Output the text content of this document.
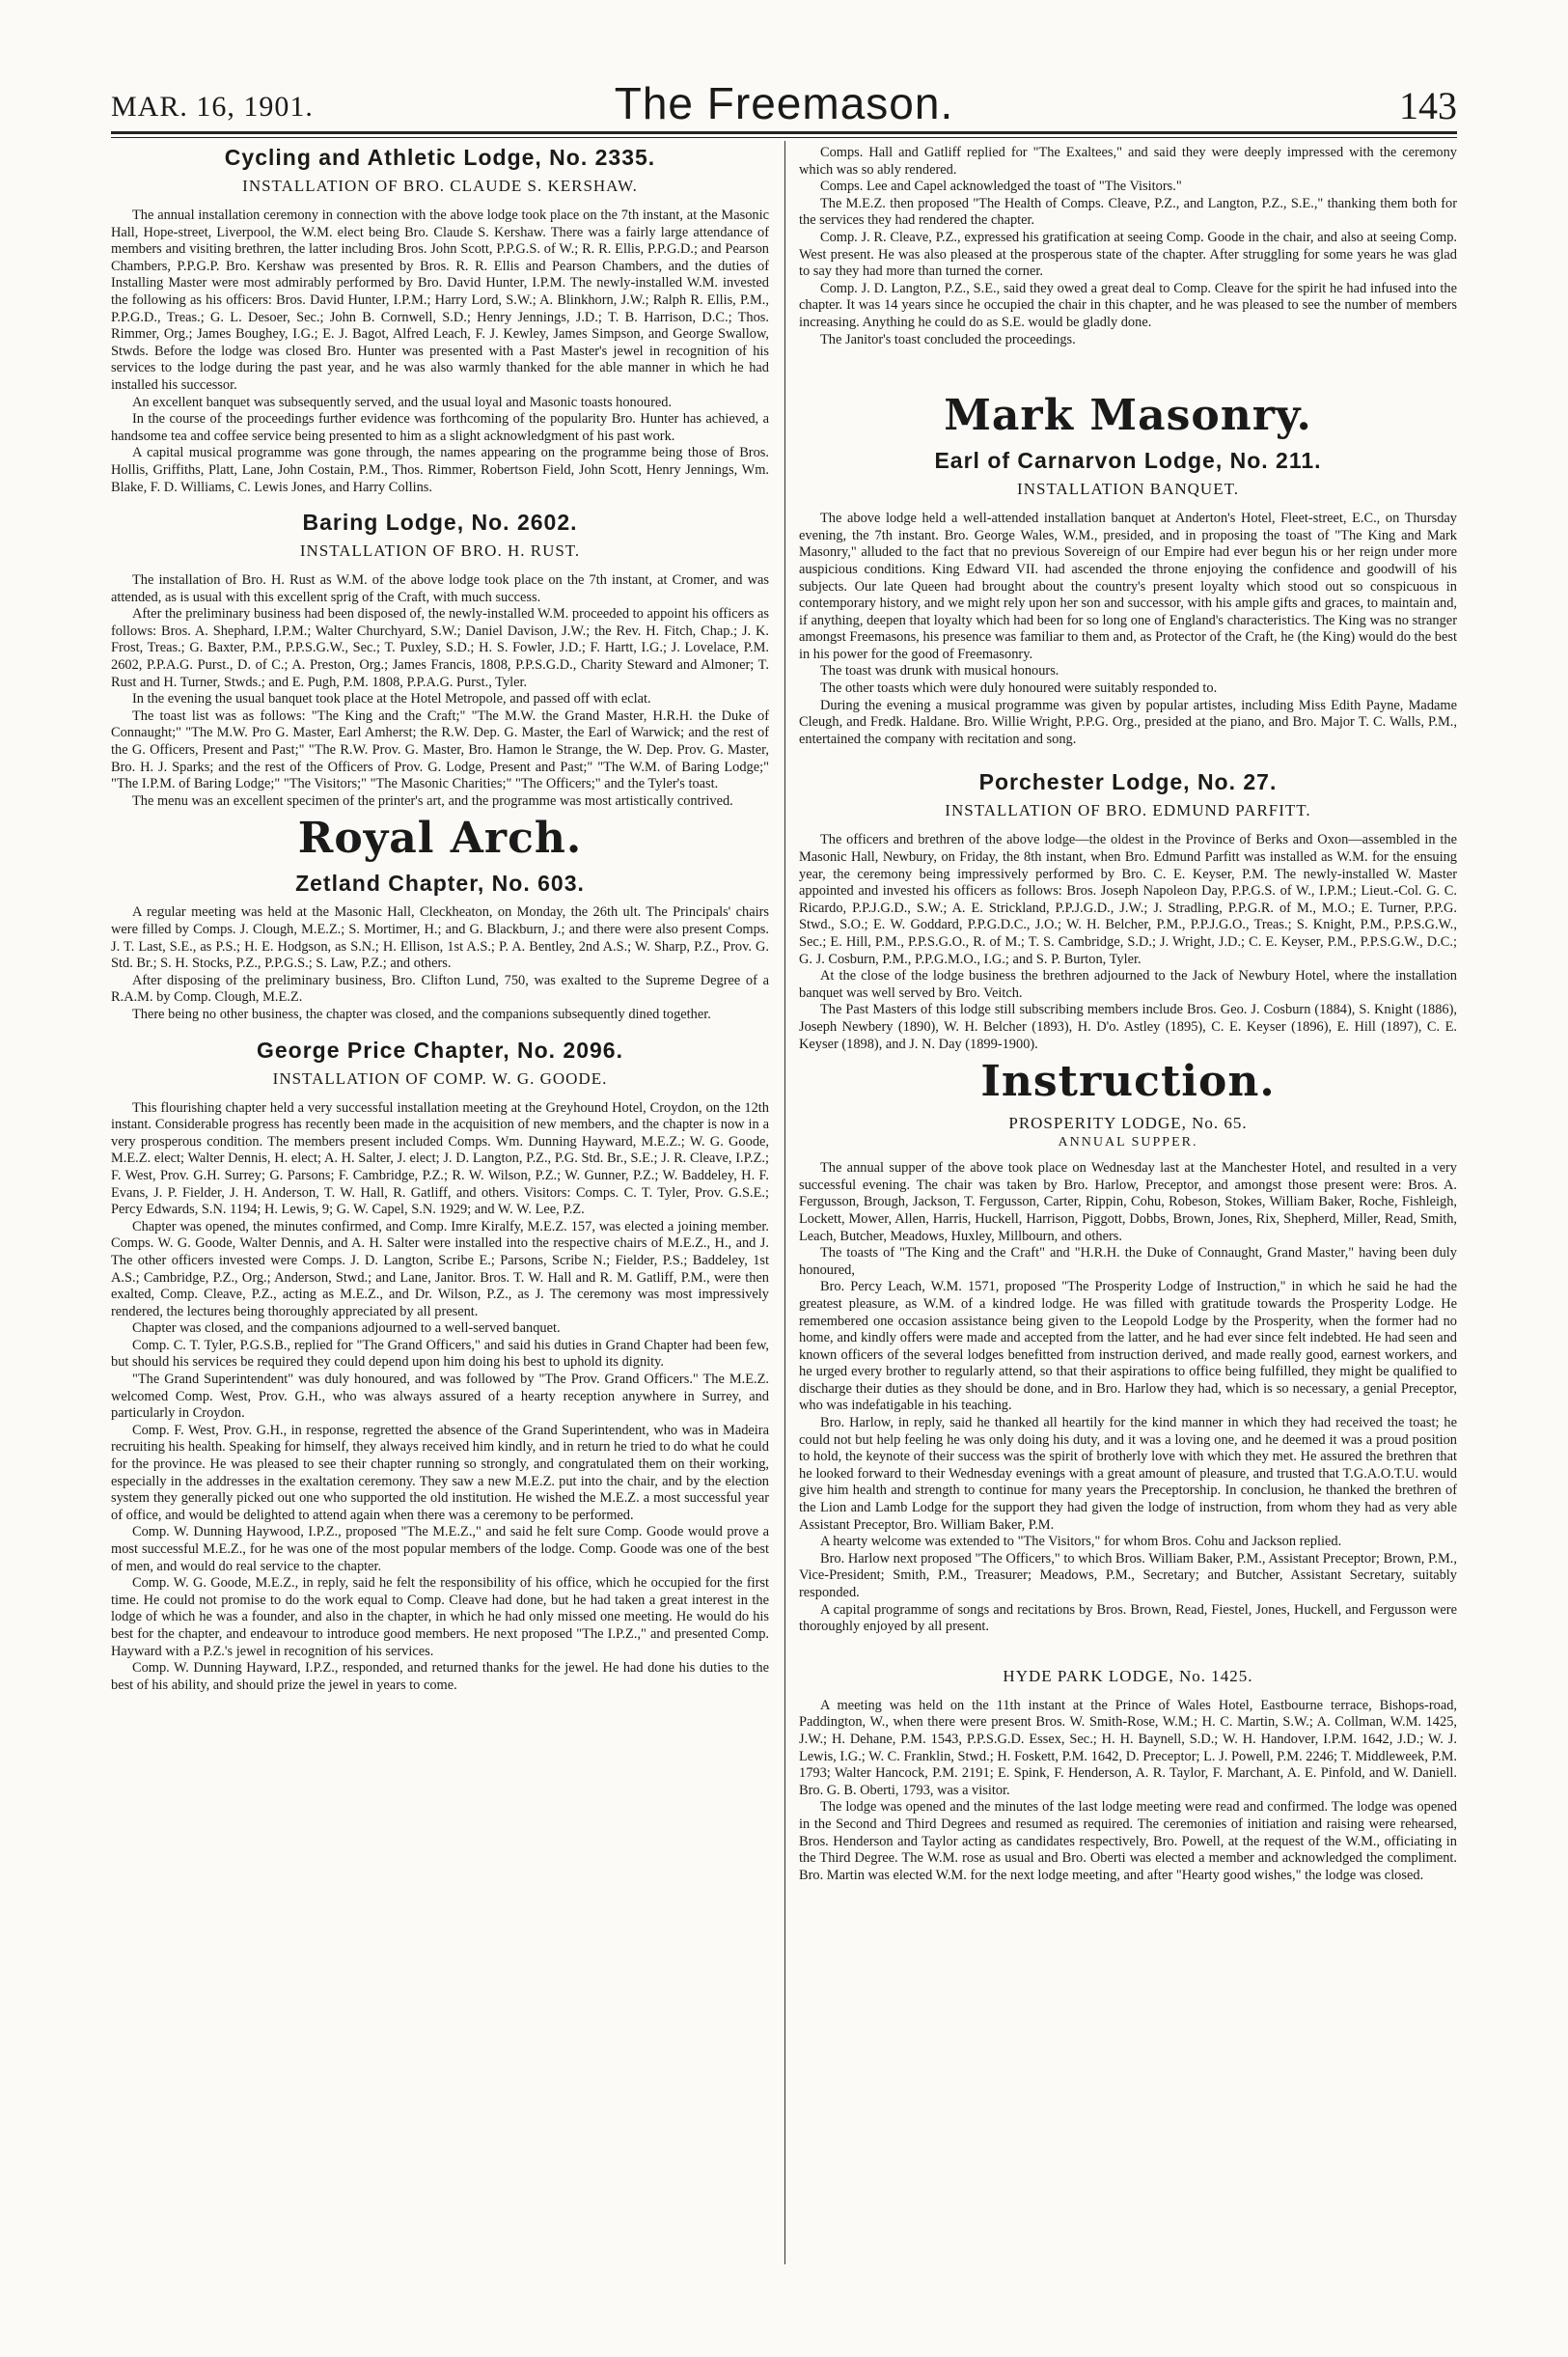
MAR. 16, 1901.	The Freemason.	143
Cycling and Athletic Lodge, No. 2335.
INSTALLATION OF BRO. CLAUDE S. KERSHAW.

The annual installation ceremony in connection with the above lodge took place on the 7th instant, at the Masonic Hall, Hope-street, Liverpool, the W.M. elect being Bro. Claude S. Kershaw. There was a fairly large attendance of members and visiting brethren, the latter including Bros. John Scott, P.P.G.S. of W.; R. R. Ellis, P.P.G.D.; and Pearson Chambers, P.P.G.P. Bro. Kershaw was presented by Bros. R. R. Ellis and Pearson Chambers, and the duties of Installing Master were most admirably performed by Bro. David Hunter, I.P.M. The newly-installed W.M. invested the following as his officers: Bros. David Hunter, I.P.M.; Harry Lord, S.W.; A. Blinkhorn, J.W.; Ralph R. Ellis, P.M., P.P.G.D., Treas.; G. L. Desoer, Sec.; John B. Cornwell, S.D.; Henry Jennings, J.D.; T. B. Harrison, D.C.; Thos. Rimmer, Org.; James Boughey, I.G.; E. J. Bagot, Alfred Leach, F. J. Kewley, James Simpson, and George Swallow, Stwds. Before the lodge was closed Bro. Hunter was presented with a Past Master's jewel in recognition of his services to the lodge during the past year, and he was also warmly thanked for the able manner in which he had installed his successor.

An excellent banquet was subsequently served, and the usual loyal and Masonic toasts honoured.

In the course of the proceedings further evidence was forthcoming of the popularity Bro. Hunter has achieved, a handsome tea and coffee service being presented to him as a slight acknowledgment of his past work.

A capital musical programme was gone through, the names appearing on the programme being those of Bros. Hollis, Griffiths, Platt, Lane, John Costain, P.M., Thos. Rimmer, Robertson Field, John Scott, Henry Jennings, Wm. Blake, F. D. Williams, C. Lewis Jones, and Harry Collins.

Baring Lodge, No. 2602.
INSTALLATION OF BRO. H. RUST.

The installation of Bro. H. Rust as W.M. of the above lodge took place on the 7th instant, at Cromer, and was attended, as is usual with this excellent sprig of the Craft, with much success.

After the preliminary business had been disposed of, the newly-installed W.M. proceeded to appoint his officers as follows: Bros. A. Shephard, I.P.M.; Walter Churchyard, S.W.; Daniel Davison, J.W.; the Rev. H. Fitch, Chap.; J. K. Frost, Treas.; G. Baxter, P.M., P.P.S.G.W., Sec.; T. Puxley, S.D.; H. S. Fowler, J.D.; F. Hartt, I.G.; J. Lovelace, P.M. 2602, P.P.A.G. Purst., D. of C.; A. Preston, Org.; James Francis, 1808, P.P.S.G.D., Charity Steward and Almoner; T. Rust and H. Turner, Stwds.; and E. Pugh, P.M. 1808, P.P.A.G. Purst., Tyler.

In the evening the usual banquet took place at the Hotel Metropole, and passed off with eclat.

The toast list was as follows: "The King and the Craft;" "The M.W. the Grand Master, H.R.H. the Duke of Connaught;" "The M.W. Pro G. Master, Earl Amherst; the R.W. Dep. G. Master, the Earl of Warwick; and the rest of the G. Officers, Present and Past;" "The R.W. Prov. G. Master, Bro. Hamon le Strange, the W. Dep. Prov. G. Master, Bro. H. J. Sparks; and the rest of the Officers of Prov. G. Lodge, Present and Past;" "The W.M. of Baring Lodge;" "The I.P.M. of Baring Lodge;" "The Visitors;" "The Masonic Charities;" "The Officers;" and the Tyler's toast.

The menu was an excellent specimen of the printer's art, and the programme was most artistically contrived.

Royal Arch.
Zetland Chapter, No. 603.

A regular meeting was held at the Masonic Hall, Cleckheaton, on Monday, the 26th ult. The Principals' chairs were filled by Comps. J. Clough, M.E.Z.; S. Mortimer, H.; and G. Blackburn, J.; and there were also present Comps. J. T. Last, S.E., as P.S.; H. E. Hodgson, as S.N.; H. Ellison, 1st A.S.; P. A. Bentley, 2nd A.S.; W. Sharp, P.Z., Prov. G. Std. Br.; S. H. Stocks, P.Z., P.P.G.S.; S. Law, P.Z.; and others.

After disposing of the preliminary business, Bro. Clifton Lund, 750, was exalted to the Supreme Degree of a R.A.M. by Comp. Clough, M.E.Z.

There being no other business, the chapter was closed, and the companions subsequently dined together.

George Price Chapter, No. 2096.
INSTALLATION OF COMP. W. G. GOODE.

This flourishing chapter held a very successful installation meeting at the Greyhound Hotel, Croydon, on the 12th instant. Considerable progress has recently been made in the acquisition of new members, and the chapter is now in a very prosperous condition. The members present included Comps. Wm. Dunning Hayward, M.E.Z.; W. G. Goode, M.E.Z. elect; Walter Dennis, H. elect; A. H. Salter, J. elect; J. D. Langton, P.Z., P.G. Std. Br., S.E.; J. R. Cleave, I.P.Z.; F. West, Prov. G.H. Surrey; G. Parsons; F. Cambridge, P.Z.; R. W. Wilson, P.Z.; W. Gunner, P.Z.; W. Baddeley, H. F. Evans, J. P. Fielder, J. H. Anderson, T. W. Hall, R. Gatliff, and others. Visitors: Comps. C. T. Tyler, Prov. G.S.E.; Percy Edwards, S.N. 1194; H. Lewis, 9; G. W. Capel, S.N. 1929; and W. W. Lee, P.Z.

Chapter was opened, the minutes confirmed, and Comp. Imre Kiralfy, M.E.Z. 157, was elected a joining member. Comps. W. G. Goode, Walter Dennis, and A. H. Salter were installed into the respective chairs of M.E.Z., H., and J. The other officers invested were Comps. J. D. Langton, Scribe E.; Parsons, Scribe N.; Fielder, P.S.; Baddeley, 1st A.S.; Cambridge, P.Z., Org.; Anderson, Stwd.; and Lane, Janitor. Bros. T. W. Hall and R. M. Gatliff, P.M., were then exalted, Comp. Cleave, P.Z., acting as M.E.Z., and Dr. Wilson, P.Z., as J. The ceremony was most impressively rendered, the lectures being thoroughly appreciated by all present.

Chapter was closed, and the companions adjourned to a well-served banquet.

Comp. C. T. Tyler, P.G.S.B., replied for "The Grand Officers," and said his duties in Grand Chapter had been few, but should his services be required they could depend upon him doing his best to uphold its dignity.

"The Grand Superintendent" was duly honoured, and was followed by "The Prov. Grand Officers." The M.E.Z. welcomed Comp. West, Prov. G.H., who was always assured of a hearty reception anywhere in Surrey, and particularly in Croydon.

Comp. F. West, Prov. G.H., in response, regretted the absence of the Grand Superintendent, who was in Madeira recruiting his health. Speaking for himself, they always received him kindly, and in return he tried to do what he could for the province. He was pleased to see their chapter running so strongly, and congratulated them on their working, especially in the addresses in the exaltation ceremony. They saw a new M.E.Z. put into the chair, and by the election system they generally picked out one who supported the old institution. He wished the M.E.Z. a most successful year of office, and would be delighted to attend again when there was a ceremony to be performed.

Comp. W. Dunning Haywood, I.P.Z., proposed "The M.E.Z.," and said he felt sure Comp. Goode would prove a most successful M.E.Z., for he was one of the most popular members of the lodge. Comp. Goode was one of the best of men, and would do real service to the chapter.

Comp. W. G. Goode, M.E.Z., in reply, said he felt the responsibility of his office, which he occupied for the first time. He could not promise to do the work equal to Comp. Cleave had done, but he had taken a great interest in the lodge of which he was a founder, and also in the chapter, in which he had only missed one meeting. He would do his best for the chapter, and endeavour to introduce good members. He next proposed "The I.P.Z.," and presented Comp. Hayward with a P.Z.'s jewel in recognition of his services.

Comp. W. Dunning Hayward, I.P.Z., responded, and returned thanks for the jewel. He had done his duties to the best of his ability, and should prize the jewel in years to come.

Comps. Hall and Gatliff replied for "The Exaltees," and said they were deeply impressed with the ceremony which was so ably rendered.

Comps. Lee and Capel acknowledged the toast of "The Visitors."

The M.E.Z. then proposed "The Health of Comps. Cleave, P.Z., and Langton, P.Z., S.E.," thanking them both for the services they had rendered the chapter.

Comp. J. R. Cleave, P.Z., expressed his gratification at seeing Comp. Goode in the chair, and also at seeing Comp. West present. He was also pleased at the prosperous state of the chapter. After struggling for some years he was glad to say they had more than turned the corner.

Comp. J. D. Langton, P.Z., S.E., said they owed a great deal to Comp. Cleave for the spirit he had infused into the chapter. It was 14 years since he occupied the chair in this chapter, and he was pleased to see the number of members increasing. Anything he could do as S.E. would be gladly done.

The Janitor's toast concluded the proceedings.

Mark Masonry.
Earl of Carnarvon Lodge, No. 211.
INSTALLATION BANQUET.

The above lodge held a well-attended installation banquet at Anderton's Hotel, Fleet-street, E.C., on Thursday evening, the 7th instant. Bro. George Wales, W.M., presided, and in proposing the toast of "The King and Mark Masonry," alluded to the fact that no previous Sovereign of our Empire had ever begun his or her reign under more auspicious conditions. King Edward VII. had ascended the throne enjoying the confidence and goodwill of his subjects. Our late Queen had brought about the country's present loyalty which stood out so conspicuous in contemporary history, and we might rely upon her son and successor, with his ample gifts and graces, to maintain and, if anything, deepen that loyalty which had been for so long one of England's characteristics. The King was no stranger amongst Freemasons, his presence was familiar to them and, as Protector of the Craft, he (the King) would do the best in his power for the good of Freemasonry.

The toast was drunk with musical honours.

The other toasts which were duly honoured were suitably responded to.

During the evening a musical programme was given by popular artistes, including Miss Edith Payne, Madame Cleugh, and Fredk. Haldane. Bro. Willie Wright, P.P.G. Org., presided at the piano, and Bro. Major T. C. Walls, P.M., entertained the company with recitation and song.

Porchester Lodge, No. 27.
INSTALLATION OF BRO. EDMUND PARFITT.

The officers and brethren of the above lodge—the oldest in the Province of Berks and Oxon—assembled in the Masonic Hall, Newbury, on Friday, the 8th instant, when Bro. Edmund Parfitt was installed as W.M. for the ensuing year, the ceremony being impressively performed by Bro. C. E. Keyser, P.M. The newly-installed W. Master appointed and invested his officers as follows: Bros. Joseph Napoleon Day, P.P.G.S. of W., I.P.M.; Lieut.-Col. G. C. Ricardo, P.P.J.G.D., S.W.; A. E. Strickland, P.P.J.G.D., J.W.; J. Stradling, P.P.G.R. of M., M.O.; E. Turner, P.P.G. Stwd., S.O.; E. W. Goddard, P.P.G.D.C., J.O.; W. H. Belcher, P.M., P.P.J.G.O., Treas.; S. Knight, P.M., P.P.S.G.W., Sec.; E. Hill, P.M., P.P.S.G.O., R. of M.; T. S. Cambridge, S.D.; J. Wright, J.D.; C. E. Keyser, P.M., P.P.S.G.W., D.C.; G. J. Cosburn, P.M., P.P.G.M.O., I.G.; and S. P. Burton, Tyler.

At the close of the lodge business the brethren adjourned to the Jack of Newbury Hotel, where the installation banquet was well served by Bro. Veitch.

The Past Masters of this lodge still subscribing members include Bros. Geo. J. Cosburn (1884), S. Knight (1886), Joseph Newbery (1890), W. H. Belcher (1893), H. D'o. Astley (1895), C. E. Keyser (1896), E. Hill (1897), C. E. Keyser (1898), and J. N. Day (1899-1900).

Instruction.
PROSPERITY LODGE, No. 65.
ANNUAL SUPPER.

The annual supper of the above took place on Wednesday last at the Manchester Hotel, and resulted in a very successful evening. The chair was taken by Bro. Harlow, Preceptor, and amongst those present were: Bros. A. Fergusson, Brough, Jackson, T. Fergusson, Carter, Rippin, Cohu, Robeson, Stokes, William Baker, Roche, Fishleigh, Lockett, Mower, Allen, Harris, Huckell, Harrison, Piggott, Dobbs, Brown, Jones, Rix, Shepherd, Miller, Read, Smith, Leach, Butcher, Meadows, Huxley, Millbourn, and others.

The toasts of "The King and the Craft" and "H.R.H. the Duke of Connaught, Grand Master," having been duly honoured,

Bro. Percy Leach, W.M. 1571, proposed "The Prosperity Lodge of Instruction," in which he said he had the greatest pleasure, as W.M. of a kindred lodge. He was filled with gratitude towards the Prosperity Lodge. He remembered one occasion assistance being given to the Leopold Lodge by the Prosperity, when the former had no home, and kindly offers were made and accepted from the latter, and he had ever since felt indebted. He had seen and known officers of the several lodges benefitted from instruction derived, and made really good, earnest workers, and he urged every brother to regularly attend, so that their aspirations to office being fulfilled, they might be qualified to discharge their duties as they should be done, and in Bro. Harlow they had, which is so necessary, a genial Preceptor, who was indefatigable in his teaching.

Bro. Harlow, in reply, said he thanked all heartily for the kind manner in which they had received the toast; he could not but help feeling he was only doing his duty, and it was a loving one, and he deemed it was a proud position to hold, the keynote of their success was the spirit of brotherly love with which they met. He assured the brethren that he looked forward to their Wednesday evenings with a great amount of pleasure, and trusted that T.G.A.O.T.U. would give him health and strength to continue for many years the Preceptorship. In conclusion, he thanked the brethren of the Lion and Lamb Lodge for the support they had given the lodge of instruction, from whom they had as very able Assistant Preceptor, Bro. William Baker, P.M.

A hearty welcome was extended to "The Visitors," for whom Bros. Cohu and Jackson replied.

Bro. Harlow next proposed "The Officers," to which Bros. William Baker, P.M., Assistant Preceptor; Brown, P.M., Vice-President; Smith, P.M., Treasurer; Meadows, P.M., Secretary; and Butcher, Assistant Secretary, suitably responded.

A capital programme of songs and recitations by Bros. Brown, Read, Fiestel, Jones, Huckell, and Fergusson were thoroughly enjoyed by all present.

HYDE PARK LODGE, No. 1425.

A meeting was held on the 11th instant at the Prince of Wales Hotel, Eastbourne terrace, Bishops-road, Paddington, W., when there were present Bros. W. Smith-Rose, W.M.; H. C. Martin, S.W.; A. Collman, W.M. 1425, J.W.; H. Dehane, P.M. 1543, P.P.S.G.D. Essex, Sec.; H. H. Baynell, S.D.; W. H. Handover, I.P.M. 1642, J.D.; W. J. Lewis, I.G.; W. C. Franklin, Stwd.; H. Foskett, P.M. 1642, D. Preceptor; L. J. Powell, P.M. 2246; T. Middleweek, P.M. 1793; Walter Hancock, P.M. 2191; E. Spink, F. Henderson, A. R. Taylor, F. Marchant, A. E. Pinfold, and W. Daniell. Bro. G. B. Oberti, 1793, was a visitor.

The lodge was opened and the minutes of the last lodge meeting were read and confirmed. The lodge was opened in the Second and Third Degrees and resumed as required. The ceremonies of initiation and raising were rehearsed, Bros. Henderson and Taylor acting as candidates respectively, Bro. Powell, at the request of the W.M., officiating in the Third Degree. The W.M. rose as usual and Bro. Oberti was elected a member and acknowledged the compliment. Bro. Martin was elected W.M. for the next lodge meeting, and after "Hearty good wishes," the lodge was closed.
